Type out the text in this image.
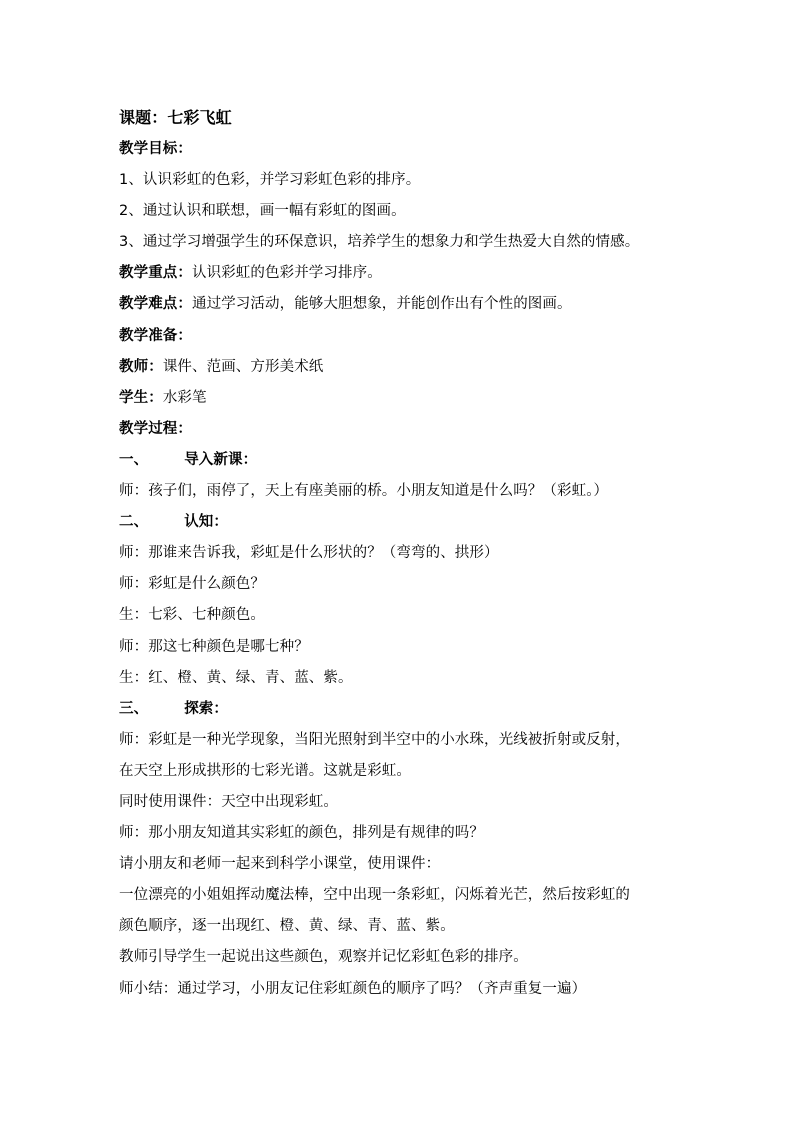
课题：七彩飞虹
教学目标：
1、认识彩虹的色彩，并学习彩虹色彩的排序。
2、通过认识和联想，画一幅有彩虹的图画。
3、通过学习增强学生的环保意识，培养学生的想象力和学生热爱大自然的情感。
教学重点：认识彩虹的色彩并学习排序。
教学难点：通过学习活动，能够大胆想象，并能创作出有个性的图画。
教学准备：
教师：课件、范画、方形美术纸
学生：水彩笔
教学过程：
一、 导入新课：
师：孩子们，雨停了，天上有座美丽的桥。小朋友知道是什么吗？（彩虹。）
二、 认知：
师：那谁来告诉我，彩虹是什么形状的？（弯弯的、拱形）
师：彩虹是什么颜色？
生：七彩、七种颜色。
师：那这七种颜色是哪七种？
生：红、橙、黄、绿、青、蓝、紫。
三、 探索：
师：彩虹是一种光学现象，当阳光照射到半空中的小水珠，光线被折射或反射，
在天空上形成拱形的七彩光谱。这就是彩虹。
同时使用课件：天空中出现彩虹。
师：那小朋友知道其实彩虹的颜色，排列是有规律的吗？
请小朋友和老师一起来到科学小课堂，使用课件：
一位漂亮的小姐姐挥动魔法棒，空中出现一条彩虹，闪烁着光芒，然后按彩虹的
颜色顺序，逐一出现红、橙、黄、绿、青、蓝、紫。
教师引导学生一起说出这些颜色，观察并记忆彩虹色彩的排序。
师小结：通过学习，小朋友记住彩虹颜色的顺序了吗？（齐声重复一遍）
